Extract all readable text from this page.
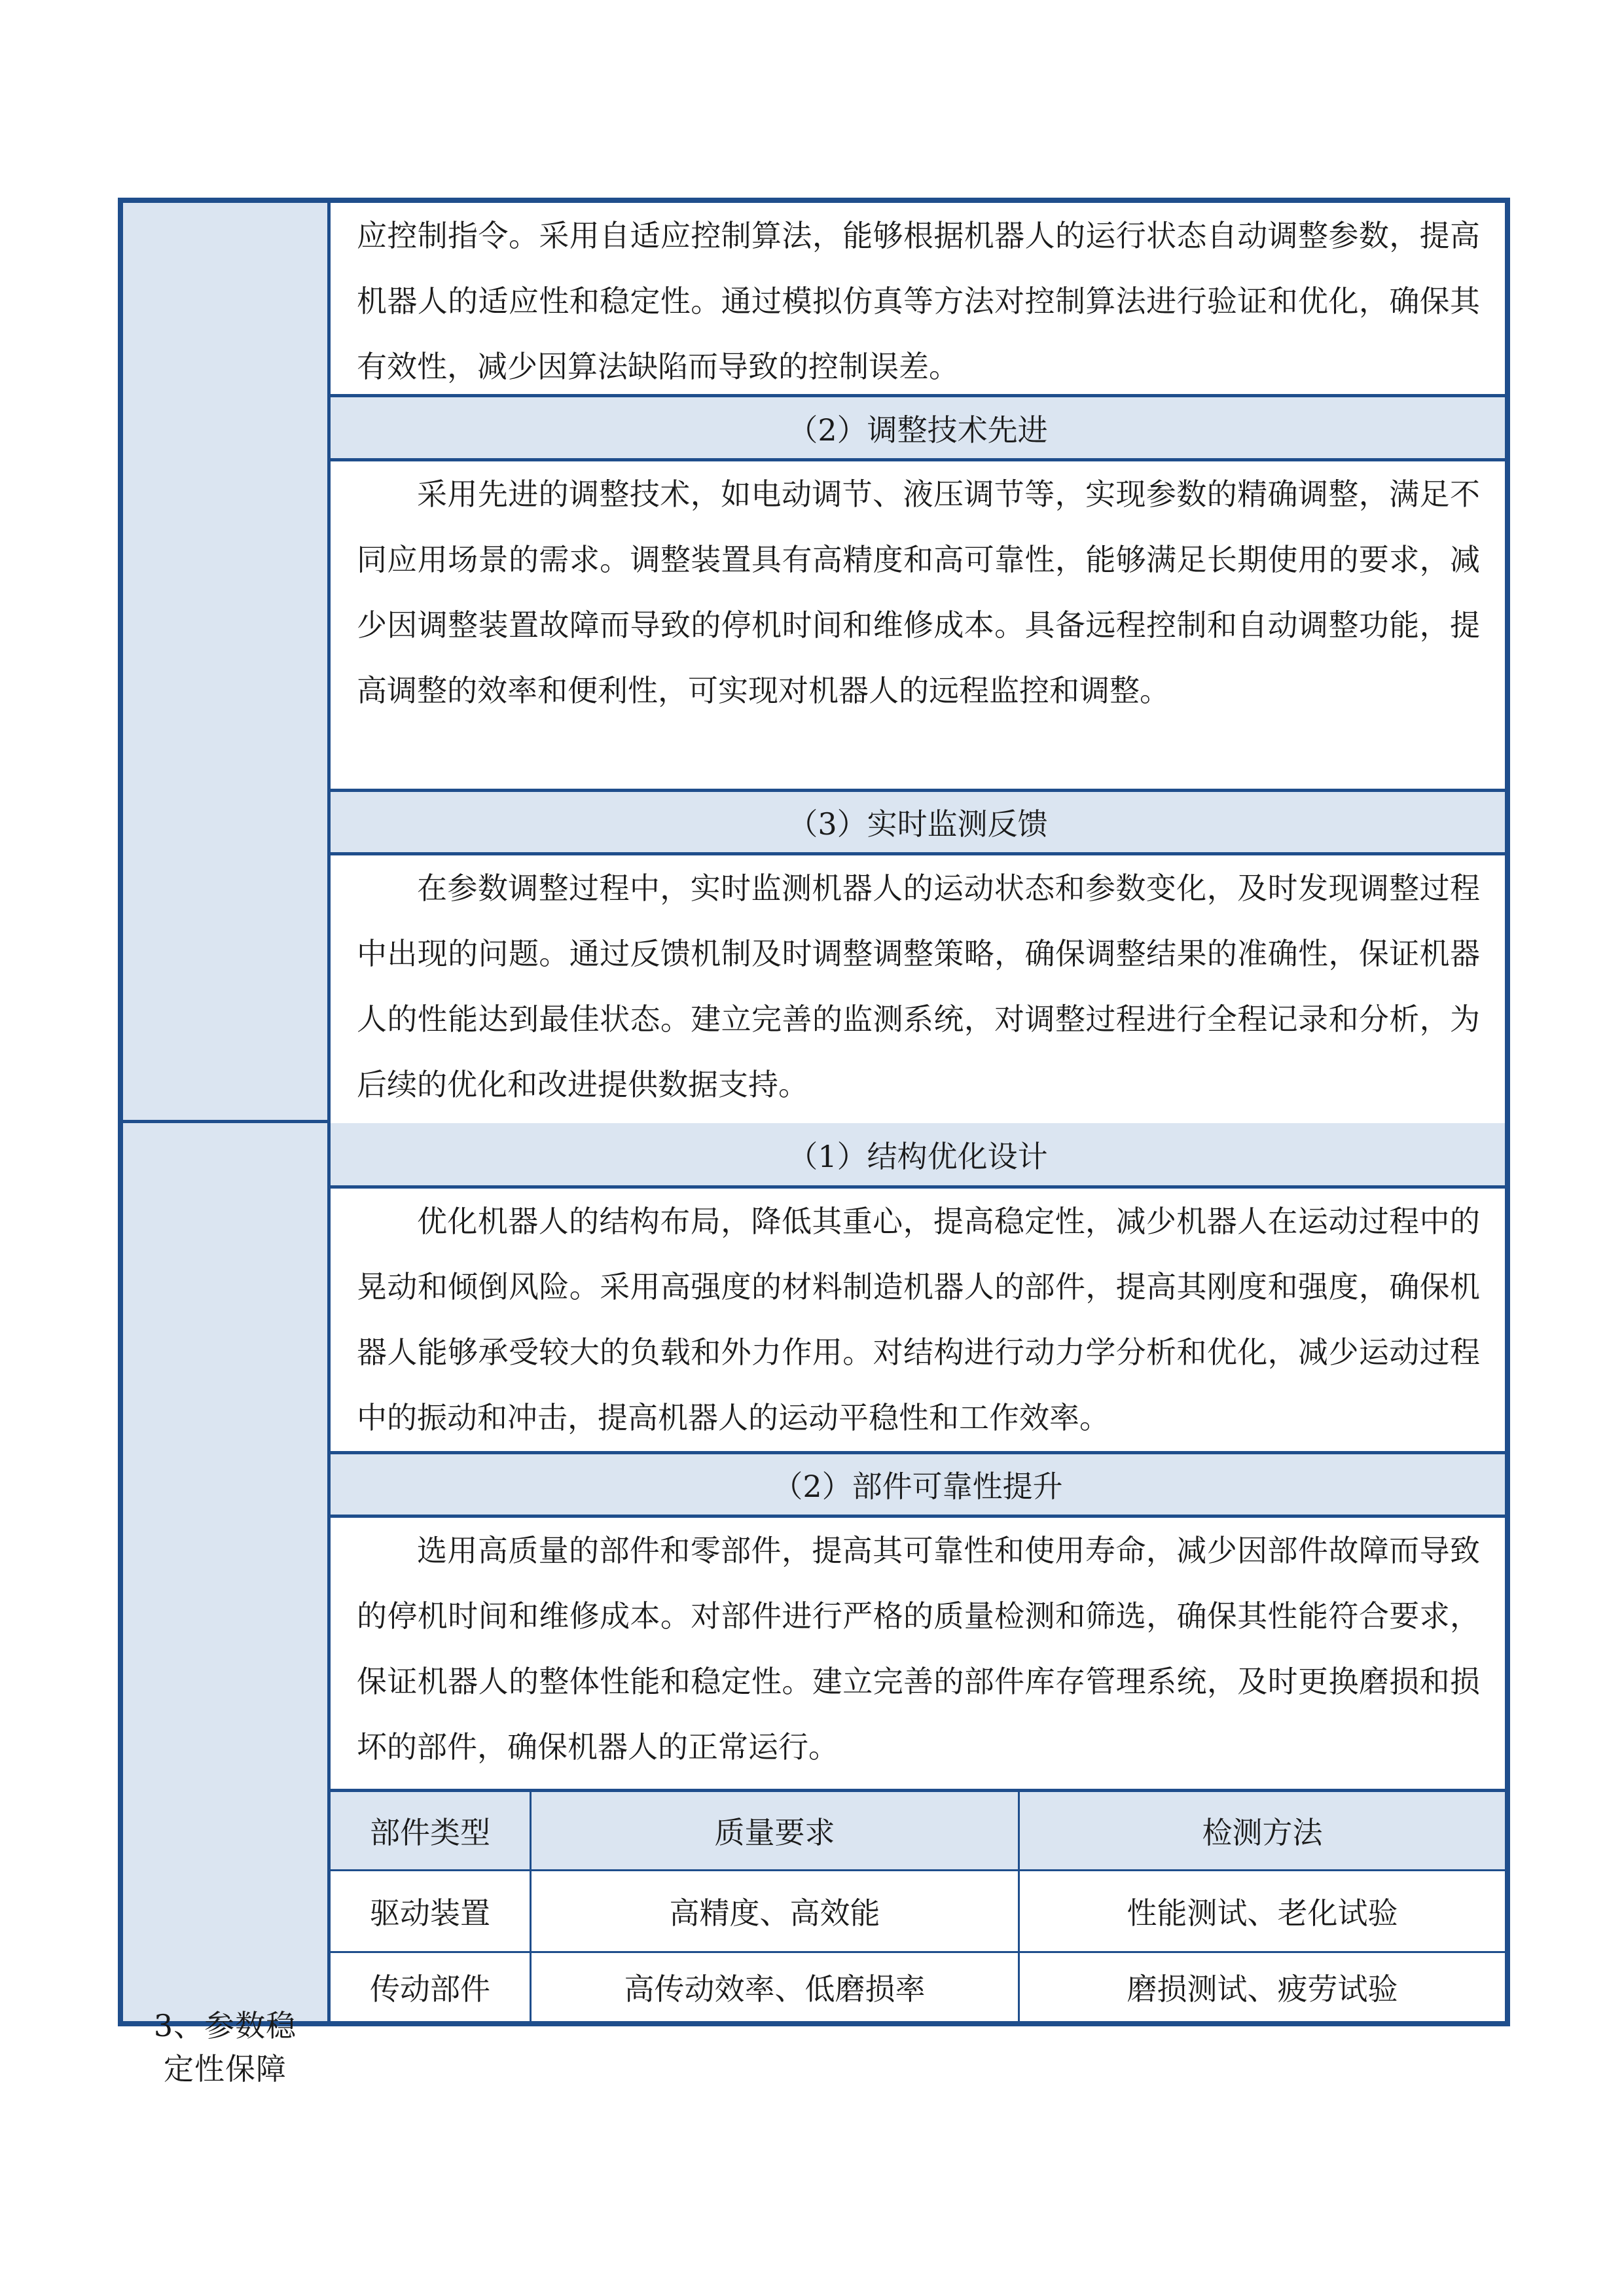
3、参数稳定性保障
应控制指令。采用自适应控制算法，能够根据机器人的运行状态自动调整参数，提高机器人的适应性和稳定性。通过模拟仿真等方法对控制算法进行验证和优化，确保其有效性，减少因算法缺陷而导致的控制误差。
（2）调整技术先进
采用先进的调整技术，如电动调节、液压调节等，实现参数的精确调整，满足不同应用场景的需求。调整装置具有高精度和高可靠性，能够满足长期使用的要求，减少因调整装置故障而导致的停机时间和维修成本。具备远程控制和自动调整功能，提高调整的效率和便利性，可实现对机器人的远程监控和调整。
（3）实时监测反馈
在参数调整过程中，实时监测机器人的运动状态和参数变化，及时发现调整过程中出现的问题。通过反馈机制及时调整调整策略，确保调整结果的准确性，保证机器人的性能达到最佳状态。建立完善的监测系统，对调整过程进行全程记录和分析，为后续的优化和改进提供数据支持。
（1）结构优化设计
优化机器人的结构布局，降低其重心，提高稳定性，减少机器人在运动过程中的晃动和倾倒风险。采用高强度的材料制造机器人的部件，提高其刚度和强度，确保机器人能够承受较大的负载和外力作用。对结构进行动力学分析和优化，减少运动过程中的振动和冲击，提高机器人的运动平稳性和工作效率。
（2）部件可靠性提升
选用高质量的部件和零部件，提高其可靠性和使用寿命，减少因部件故障而导致的停机时间和维修成本。对部件进行严格的质量检测和筛选，确保其性能符合要求，保证机器人的整体性能和稳定性。建立完善的部件库存管理系统，及时更换磨损和损坏的部件，确保机器人的正常运行。
部件类型	质量要求	检测方法
驱动装置	高精度、高效能	性能测试、老化试验
传动部件	高传动效率、低磨损率	磨损测试、疲劳试验
